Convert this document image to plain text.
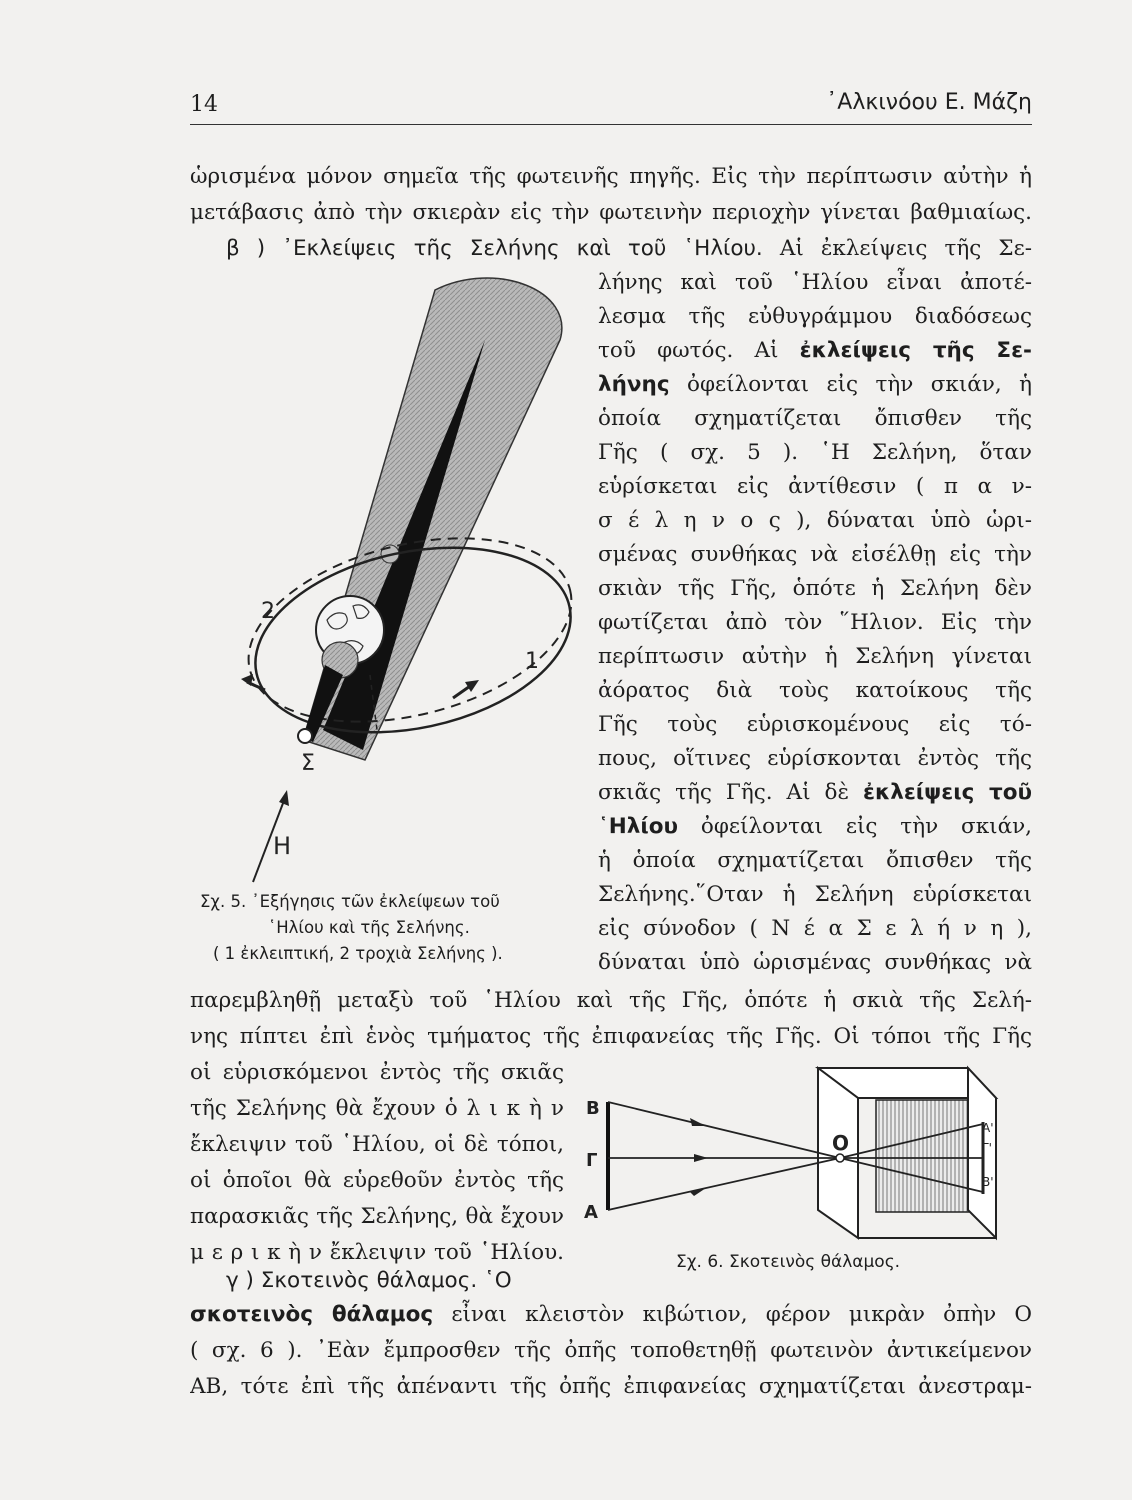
14	᾿Αλκινόου Ε. Μάζη
ὡρισμένα μόνον σημεῖα τῆς φωτεινῆς πηγῆς. Εἰς τὴν περίπτωσιν αὐτὴν ἡ
μετάβασις ἀπὸ τὴν σκιερὰν εἰς τὴν φωτεινὴν περιοχὴν γίνεται βαθμιαίως.
β ) ᾿Εκλείψεις τῆς Σελήνης καὶ τοῦ ῾Ηλίου. Αἱ ἐκλείψεις τῆς Σε-
λήνης καὶ τοῦ ῾Ηλίου εἶναι ἀποτέ-
λεσμα τῆς εὐθυγράμμου διαδόσεως
τοῦ φωτός. Αἱ ἐκλείψεις τῆς Σε-
λήνης ὀφείλονται εἰς τὴν σκιάν, ἡ
ὁποία σχηματίζεται ὄπισθεν τῆς
Γῆς ( σχ. 5 ). ῾Η Σελήνη, ὅταν
εὑρίσκεται εἰς ἀντίθεσιν ( π α ν-
σ έ λ η ν ο ς ), δύναται ὑπὸ ὡρι-
σμένας συνθήκας νὰ εἰσέλθῃ εἰς τὴν
σκιὰν τῆς Γῆς, ὁπότε ἡ Σελήνη δὲν
φωτίζεται ἀπὸ τὸν ῞Ηλιον. Εἰς τὴν
περίπτωσιν αὐτὴν ἡ Σελήνη γίνεται
ἀόρατος διὰ τοὺς κατοίκους τῆς
Γῆς τοὺς εὑρισκομένους εἰς τό-
πους, οἵτινες εὑρίσκονται ἐντὸς τῆς
σκιᾶς τῆς Γῆς. Αἱ δὲ ἐκλείψεις τοῦ
῾Ηλίου ὀφείλονται εἰς τὴν σκιάν,
ἡ ὁποία σχηματίζεται ὄπισθεν τῆς
Σελήνης.῞Οταν ἡ Σελήνη εὑρίσκεται
εἰς σύνοδον ( Ν έ α Σ ε λ ή ν η ),
δύναται ὑπὸ ὡρισμένας συνθήκας νὰ
παρεμβληθῇ μεταξὺ τοῦ ῾Ηλίου καὶ τῆς Γῆς, ὁπότε ἡ σκιὰ τῆς Σελή-
νης πίπτει ἐπὶ ἑνὸς τμήματος τῆς ἐπιφανείας τῆς Γῆς. Οἱ τόποι τῆς Γῆς
οἱ εὑρισκόμενοι ἐντὸς τῆς σκιᾶς
τῆς Σελήνης θὰ ἔχουν ὁ λ ι κ ὴ ν
ἔκλειψιν τοῦ ῾Ηλίου, οἱ δὲ τόποι,
οἱ ὁποῖοι θὰ εὑρεθοῦν ἐντὸς τῆς
παρασκιᾶς τῆς Σελήνης, θὰ ἔχουν
μ ε ρ ι κ ὴ ν ἔκλειψιν τοῦ ῾Ηλίου.
γ ) Σκοτεινὸς θάλαμος. ῾Ο
σκοτεινὸς θάλαμος εἶναι κλειστὸν κιβώτιον, φέρον μικρὰν ὀπὴν Ο
( σχ. 6 ). ᾿Εὰν ἔμπροσθεν τῆς ὀπῆς τοποθετηθῇ φωτεινὸν ἀντικείμενον
ΑΒ, τότε ἐπὶ τῆς ἀπέναντι τῆς ὀπῆς ἐπιφανείας σχηματίζεται ἀνεστραμ-
2
1
Σ
Η
Σχ. 5. ᾿Εξήγησις τῶν ἐκλείψεων τοῦ
῾Ηλίου καὶ τῆς Σελήνης.
( 1 ἐκλειπτική, 2 τροχιὰ Σελήνης ).
Β
Γ
Α
Ο
Α'
Γ'
Β'
Σχ. 6. Σκοτεινὸς θάλαμος.
